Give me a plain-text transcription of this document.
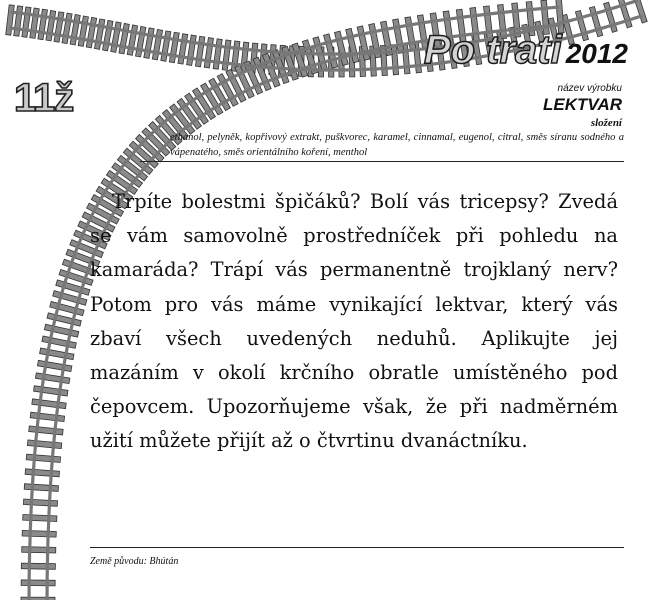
11ž
Po trati 2012
název výrobku
LEKTVAR
složení
ethanol, pelyněk, kopřivový extrakt, puškvorec, karamel, cinnamal, eugenol, citral, směs síranu sodného a vápenatého, směs orientálního koření, menthol

Trpíte bolestmi špičáků? Bolí vás tricepsy? Zvedá se vám samovolně prostředníček při pohledu na kamaráda? Trápí vás permanentně trojklaný nerv? Potom pro vás máme vynikající lektvar, který vás zbaví všech uvedených neduhů. Aplikujte jej mazáním v okolí krčního obratle umístěného pod čepovcem. Upozorňujeme však, že při nadměrném užití můžete přijít až o čtvrtinu dvanáctníku.

Země původu: Bhútán
